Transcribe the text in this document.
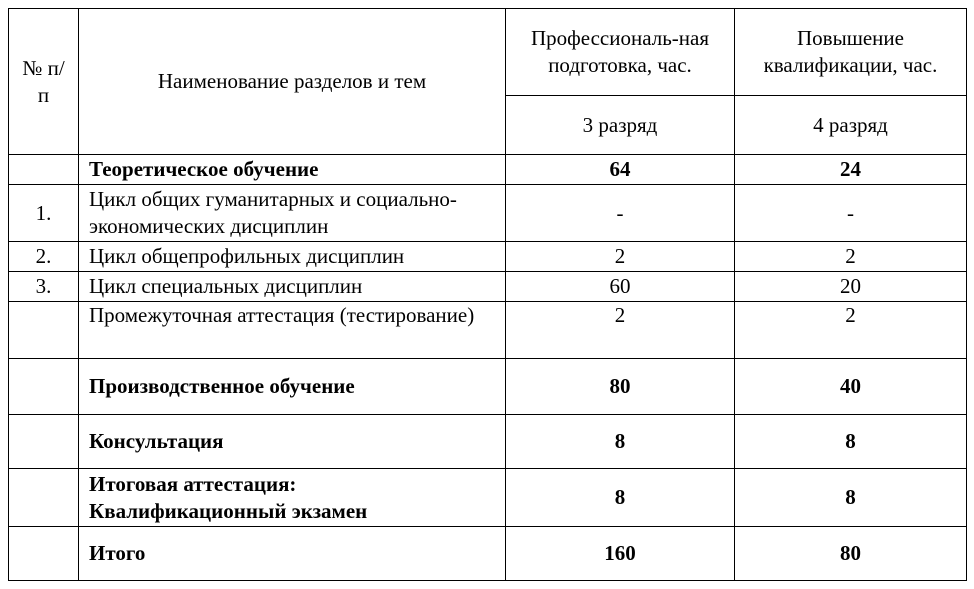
№ п/п	Наименование разделов и тем	Профессиональ-ная подготовка, час.	Повышение квалификации, час.
		3 разряд	4 разряд
	Теоретическое обучение	64	24
1.	Цикл общих гуманитарных и социально-экономических дисциплин	-	-
2.	Цикл общепрофильных дисциплин	2	2
3.	Цикл специальных дисциплин	60	20
	Промежуточная аттестация (тестирование)	2	2
	Производственное обучение	80	40
	Консультация	8	8
	Итоговая аттестация: Квалификационный экзамен	8	8
	Итого	160	80
